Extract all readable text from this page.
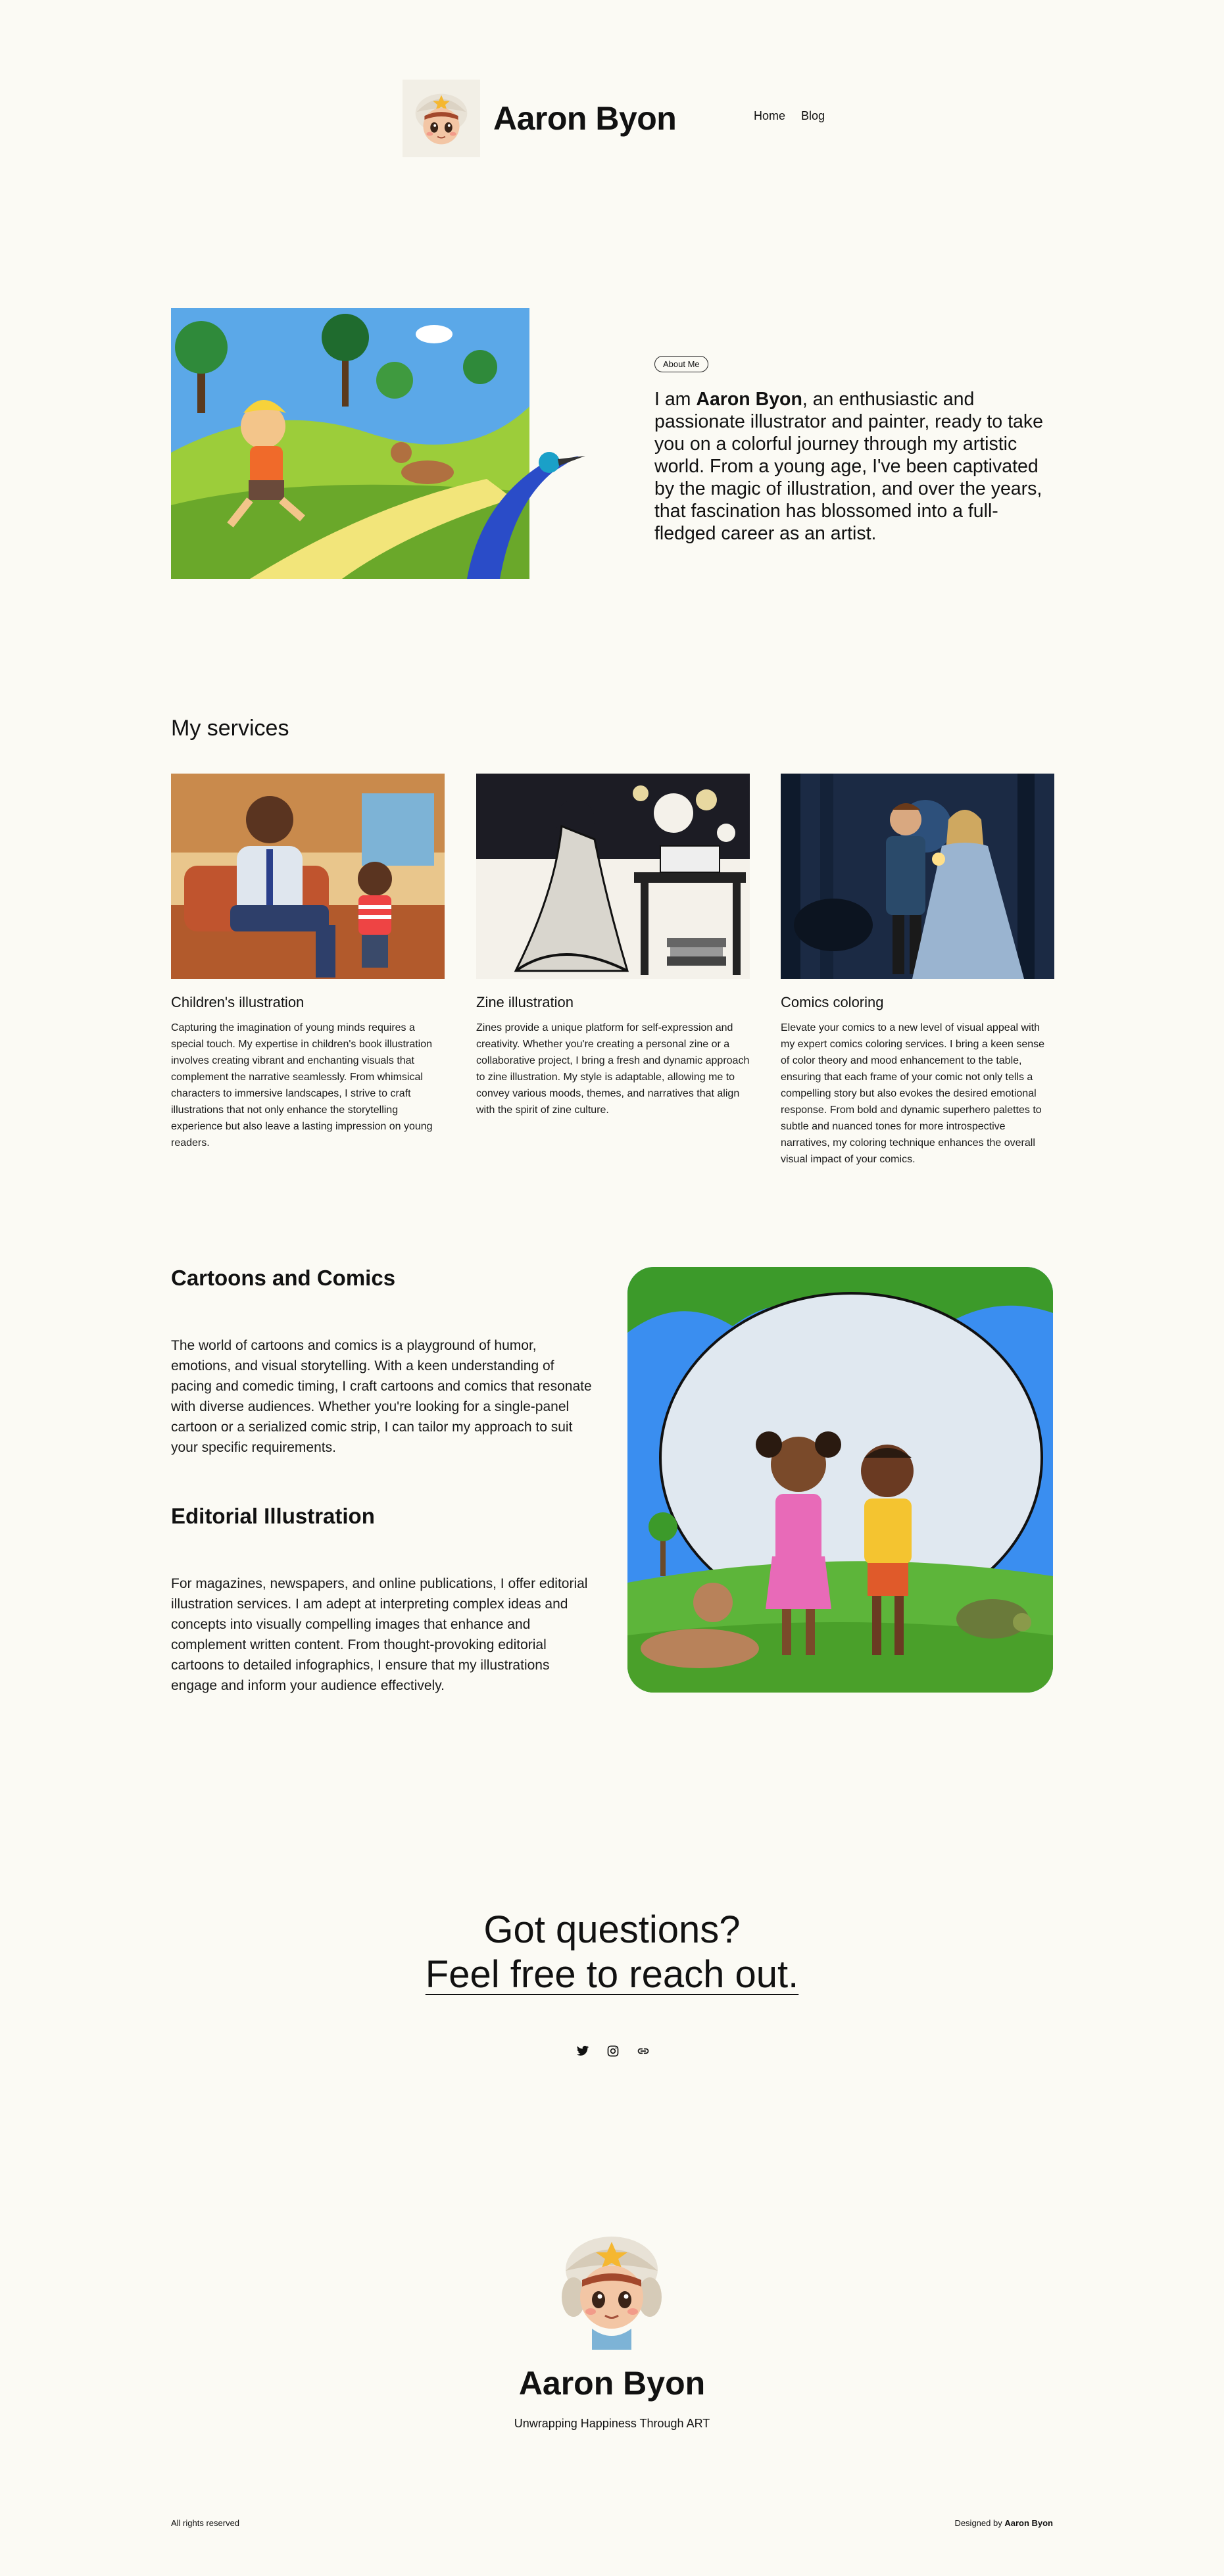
Aaron Byon	Home Blog
About Me
I am Aaron Byon, an enthusiastic and passionate illustrator and painter, ready to take you on a colorful journey through my artistic world. From a young age, I've been captivated by the magic of illustration, and over the years, that fascination has blossomed into a full-fledged career as an artist.
My services
Children's illustration
Capturing the imagination of young minds requires a special touch. My expertise in children's book illustration involves creating vibrant and enchanting visuals that complement the narrative seamlessly. From whimsical characters to immersive landscapes, I strive to craft illustrations that not only enhance the storytelling experience but also leave a lasting impression on young readers.
Zine illustration
Zines provide a unique platform for self-expression and creativity. Whether you're creating a personal zine or a collaborative project, I bring a fresh and dynamic approach to zine illustration. My style is adaptable, allowing me to convey various moods, themes, and narratives that align with the spirit of zine culture.
Comics coloring
Elevate your comics to a new level of visual appeal with my expert comics coloring services. I bring a keen sense of color theory and mood enhancement to the table, ensuring that each frame of your comic not only tells a compelling story but also evokes the desired emotional response. From bold and dynamic superhero palettes to subtle and nuanced tones for more introspective narratives, my coloring technique enhances the overall visual impact of your comics.
Cartoons and Comics
The world of cartoons and comics is a playground of humor, emotions, and visual storytelling. With a keen understanding of pacing and comedic timing, I craft cartoons and comics that resonate with diverse audiences. Whether you're looking for a single-panel cartoon or a serialized comic strip, I can tailor my approach to suit your specific requirements.
Editorial Illustration
For magazines, newspapers, and online publications, I offer editorial illustration services. I am adept at interpreting complex ideas and concepts into visually compelling images that enhance and complement written content. From thought-provoking editorial cartoons to detailed infographics, I ensure that my illustrations engage and inform your audience effectively.
Got questions?
Feel free to reach out.
Aaron Byon
Unwrapping Happiness Through ART
All rights reserved	Designed by Aaron Byon
